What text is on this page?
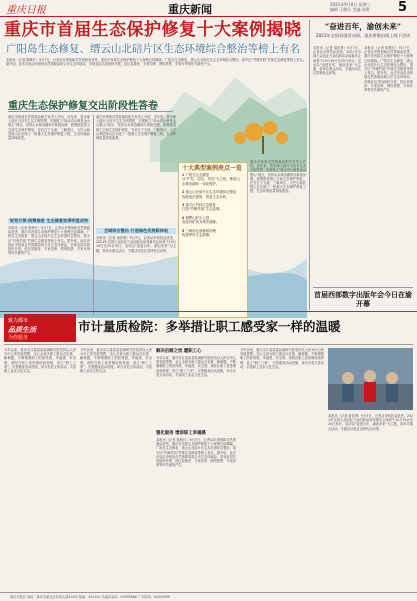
重庆日报	重庆新闻	2021年9月8日 星期三
编辑 王健民 美编 周胜	5
重庆市首届生态保护修复十大案例揭晓
广阳岛生态修复、缙云山北碚片区生态环境综合整治等榜上有名
本报讯（记者 陈维灯）9月7日，记者从市规划和自然资源局获悉，重庆市首届生态保护修复十大案例已经揭晓。广阳岛生态修复、缙云山北碚片区生态环境综合整治、梁平区“竹缘竹韵”竹林生态修复等榜上有名。据介绍，此次评选由市规划自然资源局联合市生态环境局、市林业局共同组织开展，经区县推荐、专家初审、网络投票、专家评审等环节最终产生。
重庆生态保护修复交出阶段性答卷
重庆市规划自然资源局相关负责人介绍，近年来，我市深入践行习近平生态文明思想，牢固树立“绿水青山就是金山银山”理念，坚持山水林田湖草沙系统治理，统筹推进国土空间生态保护修复，在长江干支流、三峡库区、大巴山和武陵山区实施了一批重大生态保护修复工程，生态环境质量持续改善。
规划引领·统筹推进 生态修复取得明显成效
本报讯（记者 陈维灯）9月7日，记者从市规划和自然资源局获悉，重庆市首届生态保护修复十大案例已经揭晓。广阳岛生态修复、缙云山北碚片区生态环境综合整治、梁平区“竹缘竹韵”竹林生态修复等榜上有名。据介绍，此次评选由市规划自然资源局联合市生态环境局、市林业局共同组织开展，经区县推荐、专家初审、网络投票、专家评审等环节最终产生。
重庆市规划自然资源局相关负责人介绍，近年来，我市深入践行习近平生态文明思想，牢固树立“绿水青山就是金山银山”理念，坚持山水林田湖草沙系统治理，统筹推进国土空间生态保护修复，在长江干支流、三峡库区、大巴山和武陵山区实施了一批重大生态保护修复工程，生态环境质量持续改善。
全域综合整治 打造绿色发展新样板
本报讯（记者 周传勇）9月7日，记者从市科技局获悉，2021年全国大众创业万众创新活动周重庆会场将于10月19日至25日举行。活动以“奋进百年，渝创未来”为主题，将举办重点活动、专题活动及区县特色活动等。
十大典型案例亮点一览
1 广阳岛生态修复
以“护岛、治岛、用岛”为主线，推进山水林田湖草一体化保护。
2 缙云山北碚片区生态环境综合整治
拆除违法建筑，恢复生态本底。
3 梁平区竹林生态修复
打造“竹缘竹韵”生态品牌。
4 铜锣山矿山公园
变废弃矿坑为城市绿肺。
5 三峡库区消落带治理
构建库岸生态屏障。
重庆市规划自然资源局相关负责人介绍，近年来，我市深入践行习近平生态文明思想，牢固树立“绿水青山就是金山银山”理念，坚持山水林田湖草沙系统治理，统筹推进国土空间生态保护修复，在长江干支流、三峡库区、大巴山和武陵山区实施了一批重大生态保护修复工程，生态环境质量持续改善。
“奋进百年，渝创未来”
2021年全国双创活动周，重庆将推出线上线下活动
本报讯（记者 周传勇）9月7日，记者从市科技局获悉，2021年全国大众创业万众创新活动周重庆会场将于10月19日至25日举行。活动以“奋进百年，渝创未来”为主题，将举办重点活动、专题活动及区县特色活动等。
本报讯（记者 陈维灯）9月7日，记者从市规划和自然资源局获悉，重庆市首届生态保护修复十大案例已经揭晓。广阳岛生态修复、缙云山北碚片区生态环境综合整治、梁平区“竹缘竹韵”竹林生态修复等榜上有名。据介绍，此次评选由市规划自然资源局联合市生态环境局、市林业局共同组织开展，经区县推荐、专家初审、网络投票、专家评审等环节最终产生。
首届西部数字出版年会今日在渝开幕
致力都市
品质生活
为你服务
市计量质检院：多举措让职工感受家一样的温暖
今年以来，重庆市计量质量检测研究院坚持以人民为中心的发展思想，全心全意为职工群众办实事、解难题，不断增强职工的获得感、幸福感、安全感。该院在职工食堂增设营养餐，设立“职工之家”，完善健身活动设施，举办各类文体活动，丰富职工业余文化生活。
今年以来，重庆市计量质量检测研究院坚持以人民为中心的发展思想，全心全意为职工群众办实事、解难题，不断增强职工的获得感、幸福感、安全感。该院在职工食堂增设营养餐，设立“职工之家”，完善健身活动设施，举办各类文体活动，丰富职工业余文化生活。
解决后顾之忧 暖职工心
今年以来，重庆市计量质量检测研究院坚持以人民为中心的发展思想，全心全意为职工群众办实事、解难题，不断增强职工的获得感、幸福感、安全感。该院在职工食堂增设营养餐，设立“职工之家”，完善健身活动设施，举办各类文体活动，丰富职工业余文化生活。
强化服务 增添职工幸福感
本报讯（记者 陈维灯）9月7日，记者从市规划和自然资源局获悉，重庆市首届生态保护修复十大案例已经揭晓。广阳岛生态修复、缙云山北碚片区生态环境综合整治、梁平区“竹缘竹韵”竹林生态修复等榜上有名。据介绍，此次评选由市规划自然资源局联合市生态环境局、市林业局共同组织开展，经区县推荐、专家初审、网络投票、专家评审等环节最终产生。
今年以来，重庆市计量质量检测研究院坚持以人民为中心的发展思想，全心全意为职工群众办实事、解难题，不断增强职工的获得感、幸福感、安全感。该院在职工食堂增设营养餐，设立“职工之家”，完善健身活动设施，举办各类文体活动，丰富职工业余文化生活。
本报讯（记者 周传勇）9月7日，记者从市科技局获悉，2021年全国大众创业万众创新活动周重庆会场将于10月19日至25日举行。活动以“奋进百年，渝创未来”为主题，将举办重点活动、专题活动及区县特色活动等。
重庆日报社 地址：重庆市渝北区同茂大道416号 邮编：401120 总编室电话：63903888 广告热线：63903999
